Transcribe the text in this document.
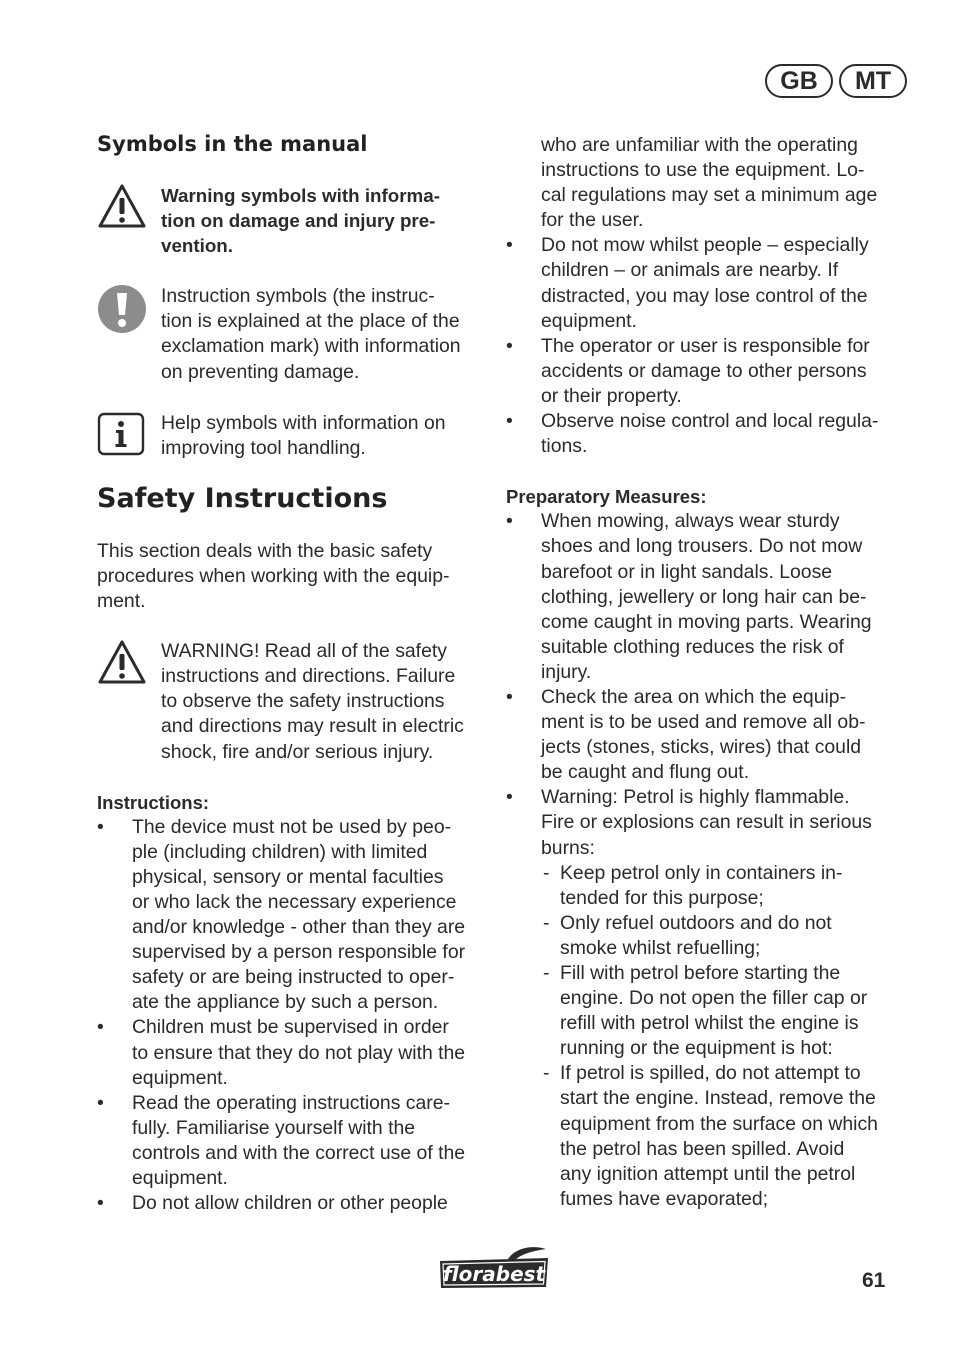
GB	MT
Symbols in the manual
Warning symbols with informa-
tion on damage and injury pre-
vention.
Instruction symbols (the instruc-
tion is explained at the place of the
exclamation mark) with information
on preventing damage.
Help symbols with information on
improving tool handling.
Safety Instructions
This section deals with the basic safety
procedures when working with the equip-
ment.
WARNING! Read all of the safety
instructions and directions. Failure
to observe the safety instructions
and directions may result in electric
shock, fire and/or serious injury.
Instructions:
• The device must not be used by peo-
ple (including children) with limited
physical, sensory or mental faculties
or who lack the necessary experience
and/or knowledge - other than they are
supervised by a person responsible for
safety or are being instructed to oper-
ate the appliance by such a person.
• Children must be supervised in order
to ensure that they do not play with the
equipment.
• Read the operating instructions care-
fully. Familiarise yourself with the
controls and with the correct use of the
equipment.
• Do not allow children or other people
who are unfamiliar with the operating
instructions to use the equipment. Lo-
cal regulations may set a minimum age
for the user.
• Do not mow whilst people – especially
children – or animals are nearby. If
distracted, you may lose control of the
equipment.
• The operator or user is responsible for
accidents or damage to other persons
or their property.
• Observe noise control and local regula-
tions.
Preparatory Measures:
• When mowing, always wear sturdy
shoes and long trousers. Do not mow
barefoot or in light sandals. Loose
clothing, jewellery or long hair can be-
come caught in moving parts. Wearing
suitable clothing reduces the risk of
injury.
• Check the area on which the equip-
ment is to be used and remove all ob-
jects (stones, sticks, wires) that could
be caught and flung out.
• Warning: Petrol is highly flammable.
Fire or explosions can result in serious
burns:
- Keep petrol only in containers in-
tended for this purpose;
- Only refuel outdoors and do not
smoke whilst refuelling;
- Fill with petrol before starting the
engine. Do not open the filler cap or
refill with petrol whilst the engine is
running or the equipment is hot:
- If petrol is spilled, do not attempt to
start the engine. Instead, remove the
equipment from the surface on which
the petrol has been spilled. Avoid
any ignition attempt until the petrol
fumes have evaporated;
florabest	61
